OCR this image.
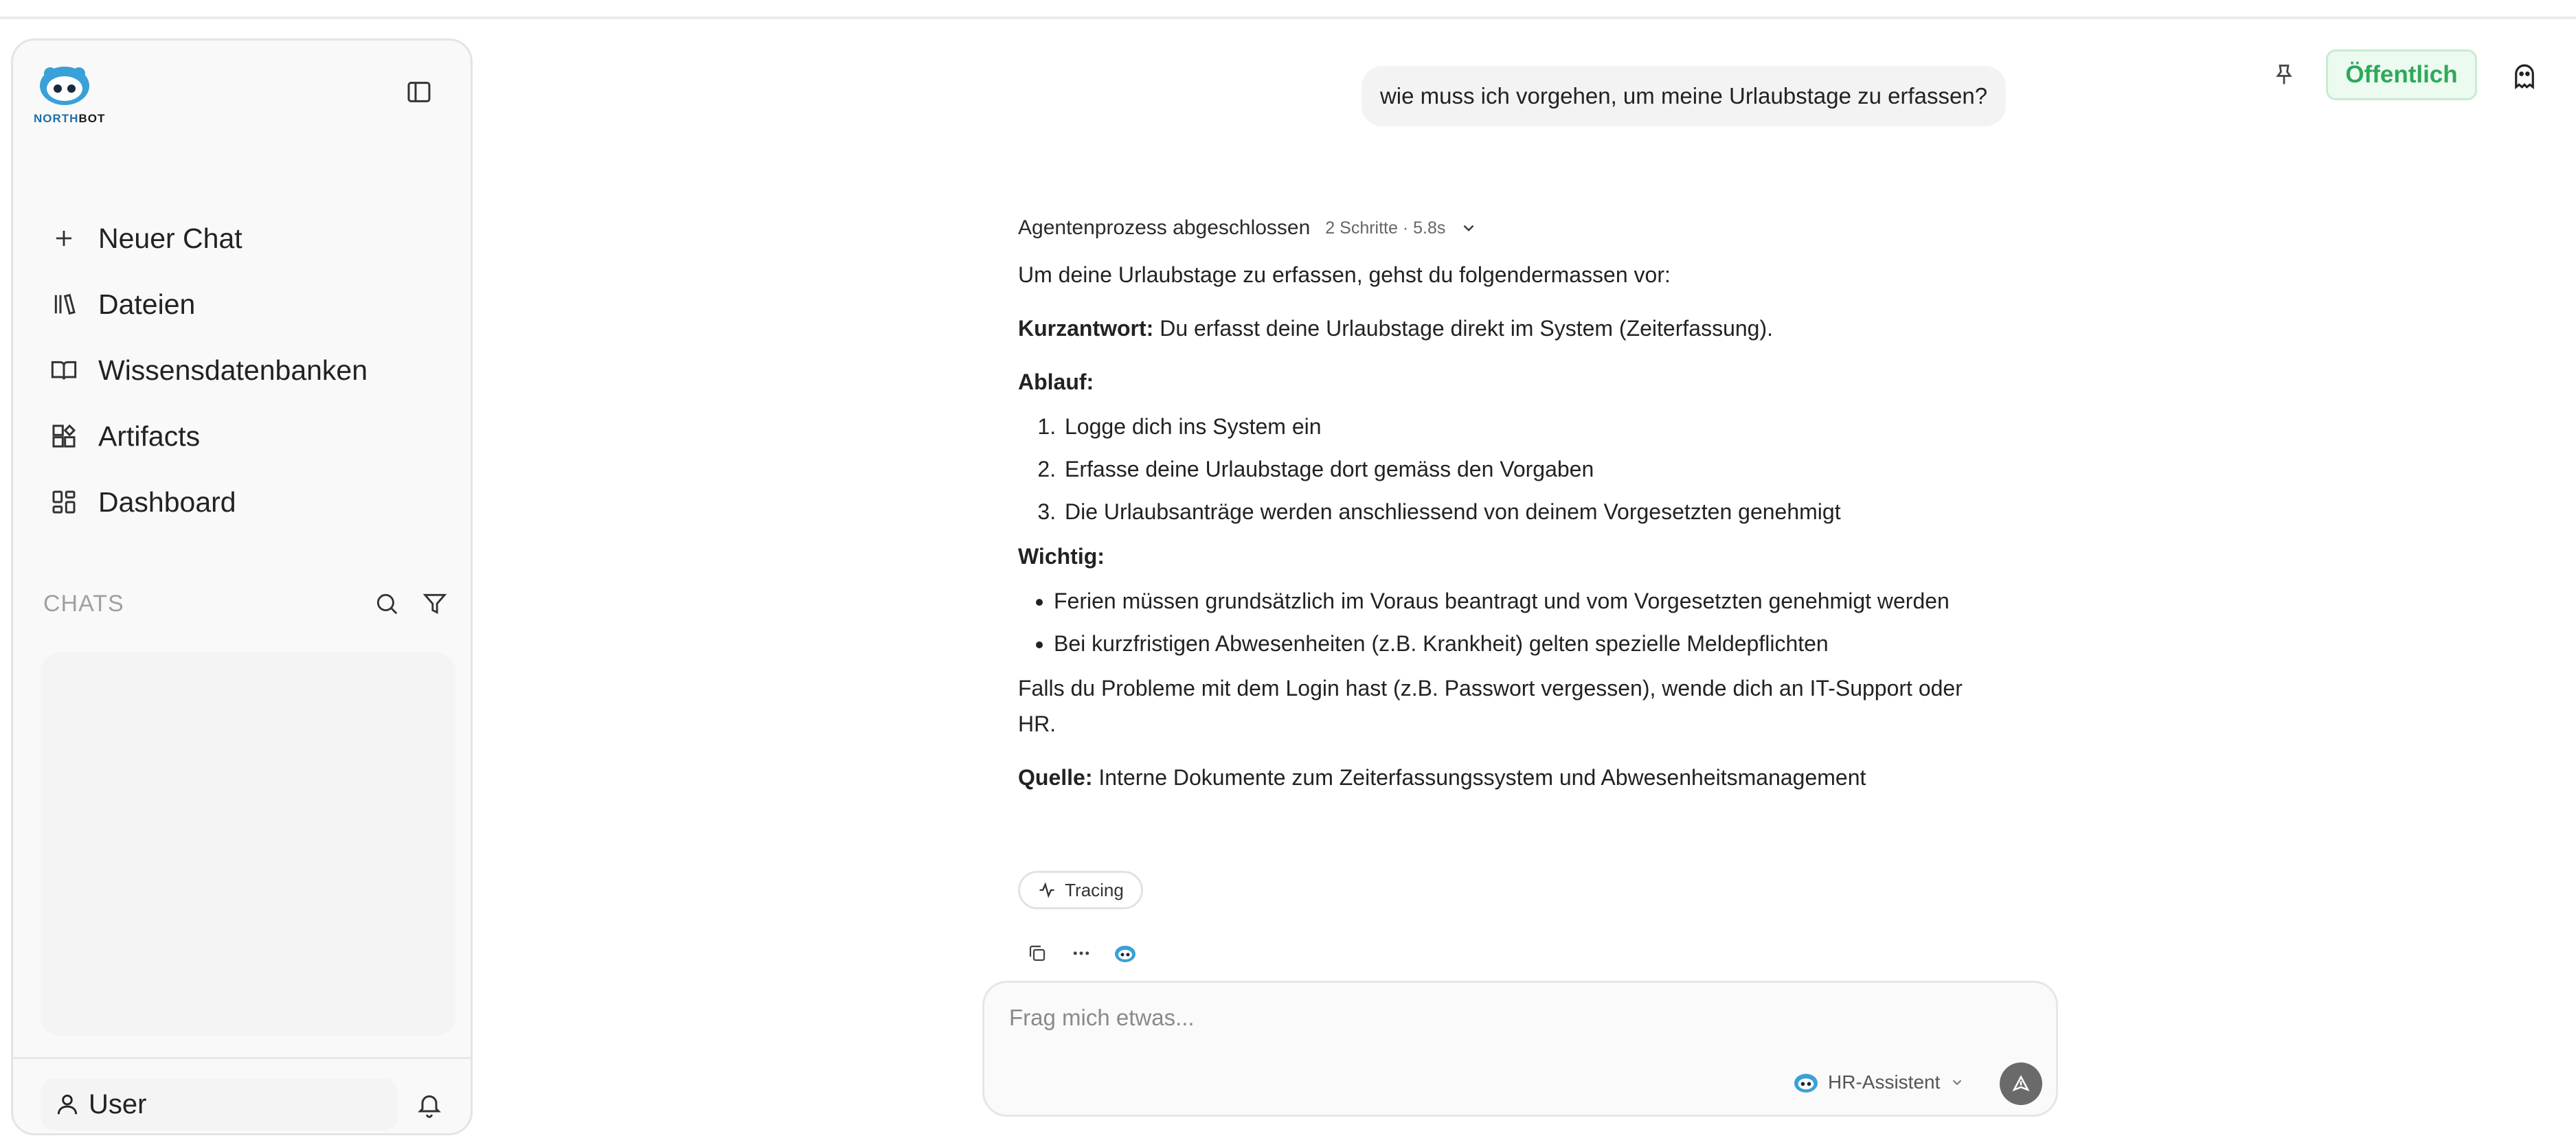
NORTHBOT
Neuer Chat
Dateien
Wissensdatenbanken
Artifacts
Dashboard
CHATS
User
Öffentlich
wie muss ich vorgehen, um meine Urlaubstage zu erfassen?
Agentenprozess abgeschlossen 2 Schritte · 5.8s

Um deine Urlaubstage zu erfassen, gehst du folgendermassen vor:

Kurzantwort: Du erfasst deine Urlaubstage direkt im System (Zeiterfassung).

Ablauf:

1. Logge dich ins System ein
2. Erfasse deine Urlaubstage dort gemäss den Vorgaben
3. Die Urlaubsanträge werden anschliessend von deinem Vorgesetzten genehmigt

Wichtig:

• Ferien müssen grundsätzlich im Voraus beantragt und vom Vorgesetzten genehmigt werden
• Bei kurzfristigen Abwesenheiten (z.B. Krankheit) gelten spezielle Meldepflichten

Falls du Probleme mit dem Login hast (z.B. Passwort vergessen), wende dich an IT-Support oder HR.

Quelle: Interne Dokumente zum Zeiterfassungssystem und Abwesenheitsmanagement

Tracing
Frag mich etwas...
HR-Assistent
